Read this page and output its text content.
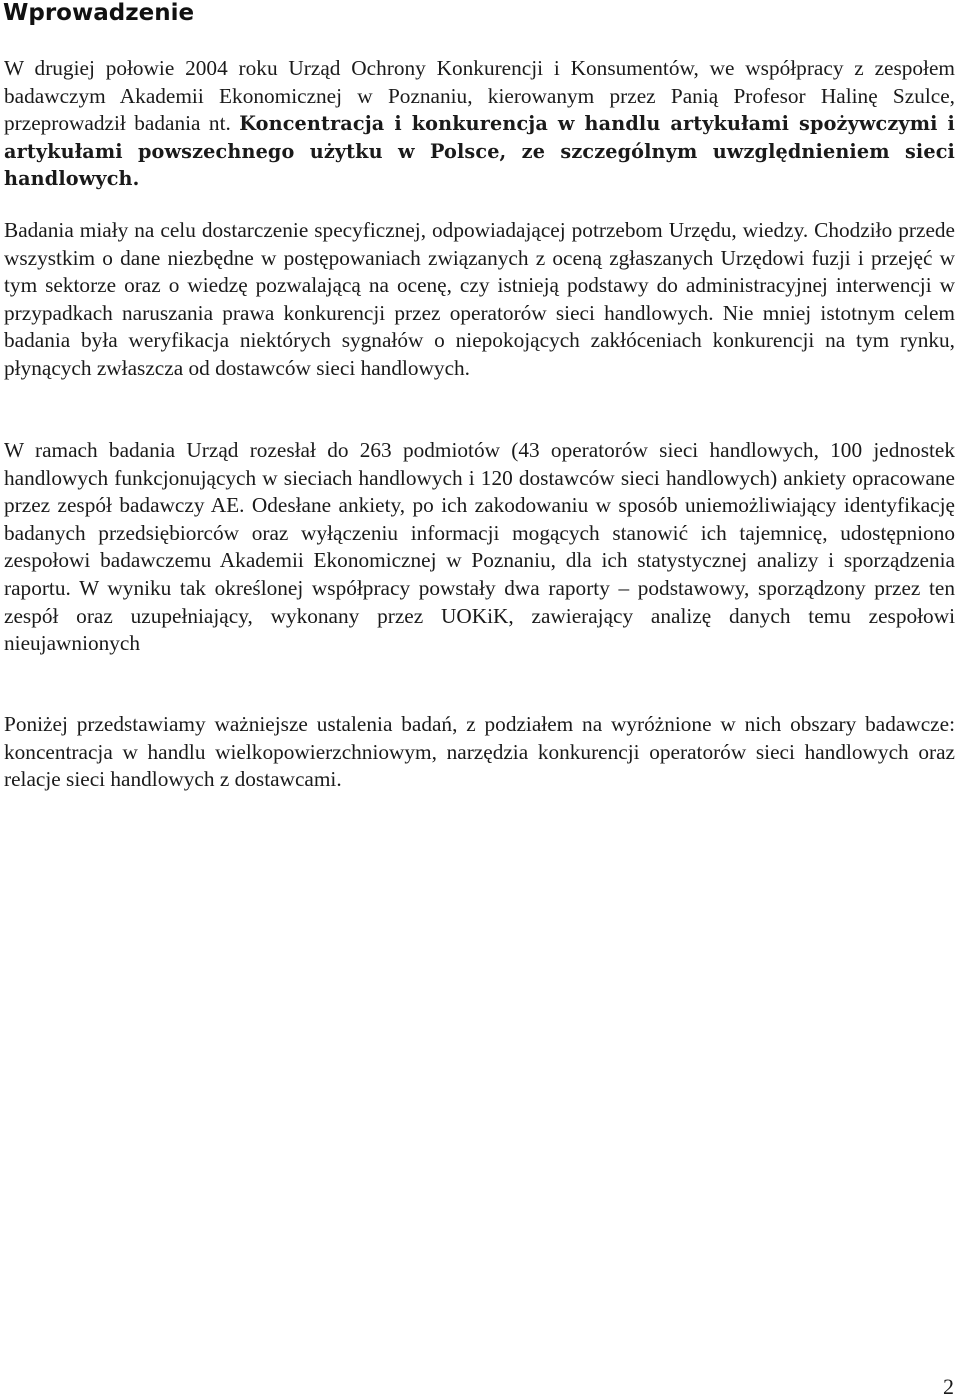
Wprowadzenie

W drugiej połowie 2004 roku Urząd Ochrony Konkurencji i Konsumentów, we współpracy z zespołem badawczym Akademii Ekonomicznej w Poznaniu, kierowanym przez Panią Profesor Halinę Szulce, przeprowadził badania nt. Koncentracja i konkurencja w handlu artykułami spożywczymi i artykułami powszechnego użytku w Polsce, ze szczególnym uwzględnieniem sieci handlowych.

Badania miały na celu dostarczenie specyficznej, odpowiadającej potrzebom Urzędu, wiedzy. Chodziło przede wszystkim o dane niezbędne w postępowaniach związanych z oceną zgłaszanych Urzędowi fuzji i przejęć w tym sektorze oraz o wiedzę pozwalającą na ocenę, czy istnieją podstawy do administracyjnej interwencji w przypadkach naruszania prawa konkurencji przez operatorów sieci handlowych. Nie mniej istotnym celem badania była weryfikacja niektórych sygnałów o niepokojących zakłóceniach konkurencji na tym rynku, płynących zwłaszcza od dostawców sieci handlowych.

W ramach badania Urząd rozesłał do 263 podmiotów (43 operatorów sieci handlowych, 100 jednostek handlowych funkcjonujących w sieciach handlowych i 120 dostawców sieci handlowych) ankiety opracowane przez zespół badawczy AE. Odesłane ankiety, po ich zakodowaniu w sposób uniemożliwiający identyfikację badanych przedsiębiorców oraz wyłączeniu informacji mogących stanowić ich tajemnicę, udostępniono zespołowi badawczemu Akademii Ekonomicznej w Poznaniu, dla ich statystycznej analizy i sporządzenia raportu. W wyniku tak określonej współpracy powstały dwa raporty – podstawowy, sporządzony przez ten zespół oraz uzupełniający, wykonany przez UOKiK, zawierający analizę danych temu zespołowi nieujawnionych

Poniżej przedstawiamy ważniejsze ustalenia badań, z podziałem na wyróżnione w nich obszary badawcze: koncentracja w handlu wielkopowierzchniowym, narzędzia konkurencji operatorów sieci handlowych oraz relacje sieci handlowych z dostawcami.

2
